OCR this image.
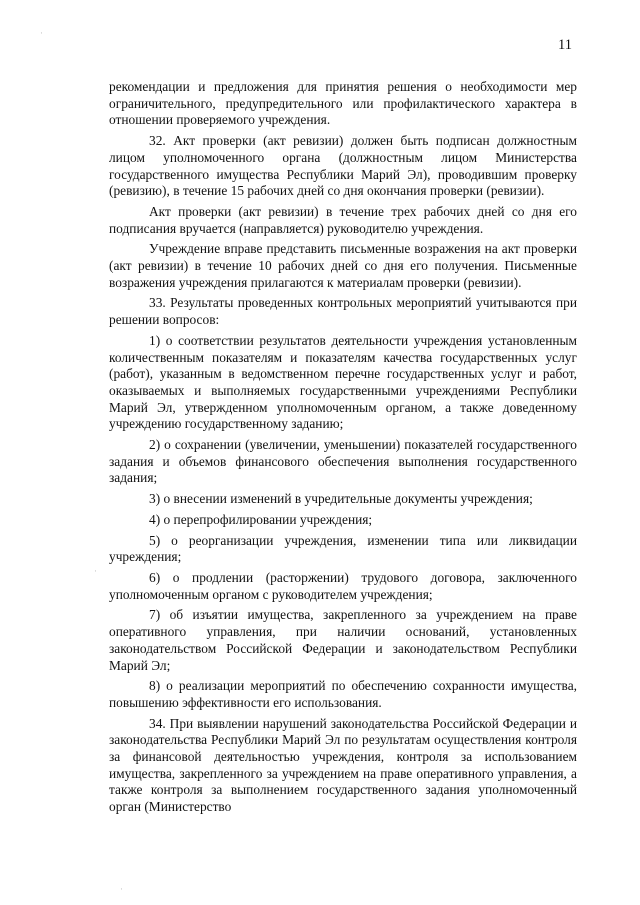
11

рекомендации и предложения для принятия решения о необходимости мер ограничительного, предупредительного или профилактического характера в отношении проверяемого учреждения.

32. Акт проверки (акт ревизии) должен быть подписан должностным лицом уполномоченного органа (должностным лицом Министерства государственного имущества Республики Марий Эл), проводившим проверку (ревизию), в течение 15 рабочих дней со дня окончания проверки (ревизии).

Акт проверки (акт ревизии) в течение трех рабочих дней со дня его подписания вручается (направляется) руководителю учреждения.

Учреждение вправе представить письменные возражения на акт проверки (акт ревизии) в течение 10 рабочих дней со дня его получения. Письменные возражения учреждения прилагаются к материалам проверки (ревизии).

33. Результаты проведенных контрольных мероприятий учитываются при решении вопросов:

1) о соответствии результатов деятельности учреждения установленным количественным показателям и показателям качества государственных услуг (работ), указанным в ведомственном перечне государственных услуг и работ, оказываемых и выполняемых государственными учреждениями Республики Марий Эл, утвержденном уполномоченным органом, а также доведенному учреждению государственному заданию;

2) о сохранении (увеличении, уменьшении) показателей государственного задания и объемов финансового обеспечения выполнения государственного задания;

3) о внесении изменений в учредительные документы учреждения;

4) о перепрофилировании учреждения;

5) о реорганизации учреждения, изменении типа или ликвидации учреждения;

6) о продлении (расторжении) трудового договора, заключенного уполномоченным органом с руководителем учреждения;

7) об изъятии имущества, закрепленного за учреждением на праве оперативного управления, при наличии оснований, установленных законодательством Российской Федерации и законодательством Республики Марий Эл;

8) о реализации мероприятий по обеспечению сохранности имущества, повышению эффективности его использования.

34. При выявлении нарушений законодательства Российской Федерации и законодательства Республики Марий Эл по результатам осуществления контроля за финансовой деятельностью учреждения, контроля за использованием имущества, закрепленного за учреждением на праве оперативного управления, а также контроля за выполнением государственного задания уполномоченный орган (Министерство

·
·
·
